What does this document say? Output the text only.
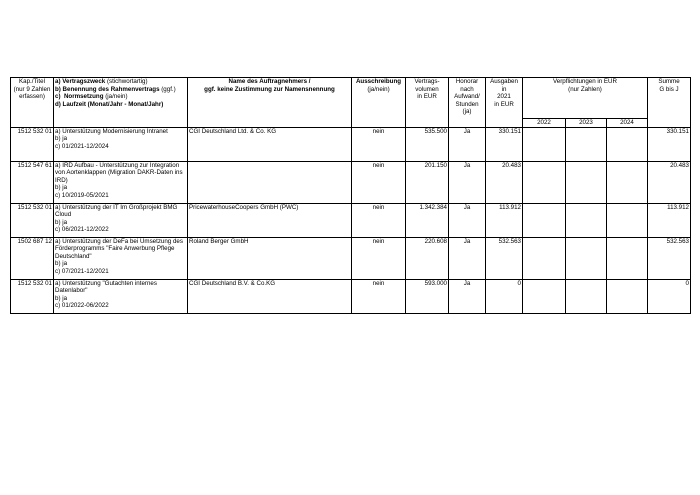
Kap./Titel
(nur 9 Zahlen
erfassen)	a) Vertragszweck (stichwortartig)
b) Benennung des Rahmenvertrags (ggf.)
c)  Normsetzung (ja/nein)
d) Laufzeit (Monat/Jahr - Monat/Jahr)	Name des Auftragnehmers /
ggf. keine Zustimmung zur Namensnennung	Ausschreibung
(ja/nein)	Vertrags-
volumen
in EUR	Honorar
nach
Aufwand/
Stunden
(ja)	Ausgaben in
2021
in EUR	Verpflichtungen in EUR
(nur Zahlen)			Summe
G bis J

							2022	2023	2024	
1512 532 01	a) Unterstützung Modernisierung Intranet
b) ja
c) 01/2021-12/2024	CGI Deutschland Ltd. & Co. KG	nein	535.500	Ja	330.151				330.151
1512 547 61	a) IRD Aufbau - Unterstützung zur Integration
von Aortenklappen (Migration DAKR-Daten ins
IRD)
b) ja
c) 10/2019-05/2021		nein	201.150	Ja	20.483				20.483
1512 532 01	a) Unterstützung der IT Im Großprojekt BMG
Cloud
b) ja
c) 06/2021-12/2022	PricewaterhouseCoopers GmbH (PWC)	nein	1.342.384	Ja	113.912				113.912
1502 687 12	a) Unterstützung der DeFa bei Umsetzung des
Förderprogramms "Faire Anwerbung Pflege
Deutschland"
b) ja
c) 07/2021-12/2021	Roland Berger GmbH	nein	220.608	Ja	532.563				532.563
1512 532 01	a) Unterstützung "Gutachten internes
Datenlabor"
b) ja
c) 01/2022-06/2022	CGI Deutschland B.V. & Co.KG	nein	593.000	Ja	0				0
